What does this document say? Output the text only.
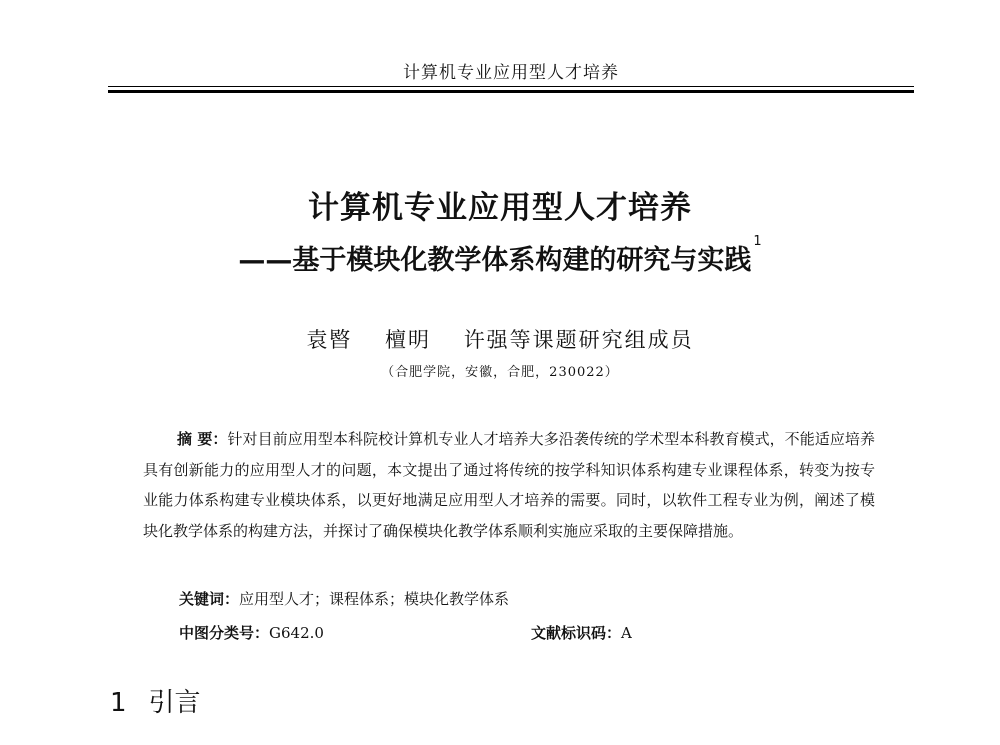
计算机专业应用型人才培养
计算机专业应用型人才培养
——基于模块化教学体系构建的研究与实践$^1$
袁暋 檀明 许强等课题研究组成员
（合肥学院，安徽，合肥，230022）
摘 要：针对目前应用型本科院校计算机专业人才培养大多沿袭传统的学术型本科教育模式，不能适应培养具有创新能力的应用型人才的问题，本文提出了通过将传统的按学科知识体系构建专业课程体系，转变为按专业能力体系构建专业模块体系，以更好地满足应用型人才培养的需要。同时，以软件工程专业为例，阐述了模块化教学体系的构建方法，并探讨了确保模块化教学体系顺利实施应采取的主要保障措施。
关键词：应用型人才；课程体系；模块化教学体系
中图分类号：G642.0	文献标识码：A
1 引言
